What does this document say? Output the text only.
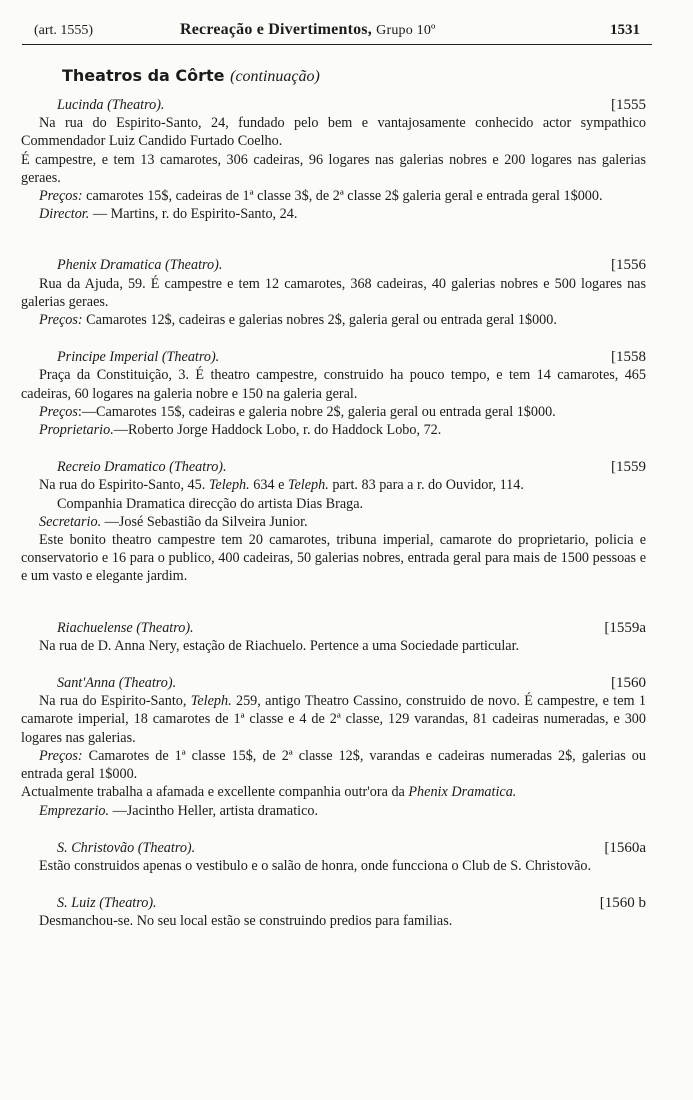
(art. 1555)	Recreação e Divertimentos, Grupo 10º	1531
Theatros da Côrte (continuação)
Lucinda (Theatro).	[1555

Na rua do Espirito-Santo, 24, fundado pelo bem e vantajosamente conhecido actor sympathico Commendador Luiz Candido Furtado Coelho.

É campestre, e tem 13 camarotes, 306 cadeiras, 96 logares nas galerias nobres e 200 logares nas galerias geraes.

Preços: camarotes 15$, cadeiras de 1ª classe 3$, de 2ª classe 2$ galeria geral e entrada geral 1$000.

Director. — Martins, r. do Espirito-Santo, 24.

Phenix Dramatica (Theatro).	[1556

Rua da Ajuda, 59. É campestre e tem 12 camarotes, 368 cadeiras, 40 galerias nobres e 500 logares nas galerias geraes.

Preços: Camarotes 12$, cadeiras e galerias nobres 2$, galeria geral ou entrada geral 1$000.

Principe Imperial (Theatro).	[1558

Praça da Constituição, 3. É theatro campestre, construido ha pouco tempo, e tem 14 camarotes, 465 cadeiras, 60 logares na galeria nobre e 150 na galeria geral.

Preços:—Camarotes 15$, cadeiras e galeria nobre 2$, galeria geral ou entrada geral 1$000.

Proprietario.—Roberto Jorge Haddock Lobo, r. do Haddock Lobo, 72.

Recreio Dramatico (Theatro).	[1559

Na rua do Espirito-Santo, 45. Teleph. 634 e Teleph. part. 83 para a r. do Ouvidor, 114.

Companhia Dramatica direcção do artista Dias Braga.

Secretario. —José Sebastião da Silveira Junior.

Este bonito theatro campestre tem 20 camarotes, tribuna imperial, camarote do proprietario, policia e conservatorio e 16 para o publico, 400 cadeiras, 50 galerias nobres, entrada geral para mais de 1500 pessoas e e um vasto e elegante jardim.

Riachuelense (Theatro).	[1559a

Na rua de D. Anna Nery, estação de Riachuelo. Pertence a uma Sociedade particular.

Sant'Anna (Theatro).	[1560

Na rua do Espirito-Santo, Teleph. 259, antigo Theatro Cassino, construido de novo. É campestre, e tem 1 camarote imperial, 18 camarotes de 1ª classe e 4 de 2ª classe, 129 varandas, 81 cadeiras numeradas, e 300 logares nas galerias.

Preços: Camarotes de 1ª classe 15$, de 2ª classe 12$, varandas e cadeiras numeradas 2$, galerias ou entrada geral 1$000.

Actualmente trabalha a afamada e excellente companhia outr'ora da Phenix Dramatica.

Emprezario. —Jacintho Heller, artista dramatico.

S. Christovão (Theatro).	[1560a

Estão construidos apenas o vestibulo e o salão de honra, onde funcciona o Club de S. Christovão.

S. Luiz (Theatro).	[1560 b

Desmanchou-se. No seu local estão se construindo predios para familias.
